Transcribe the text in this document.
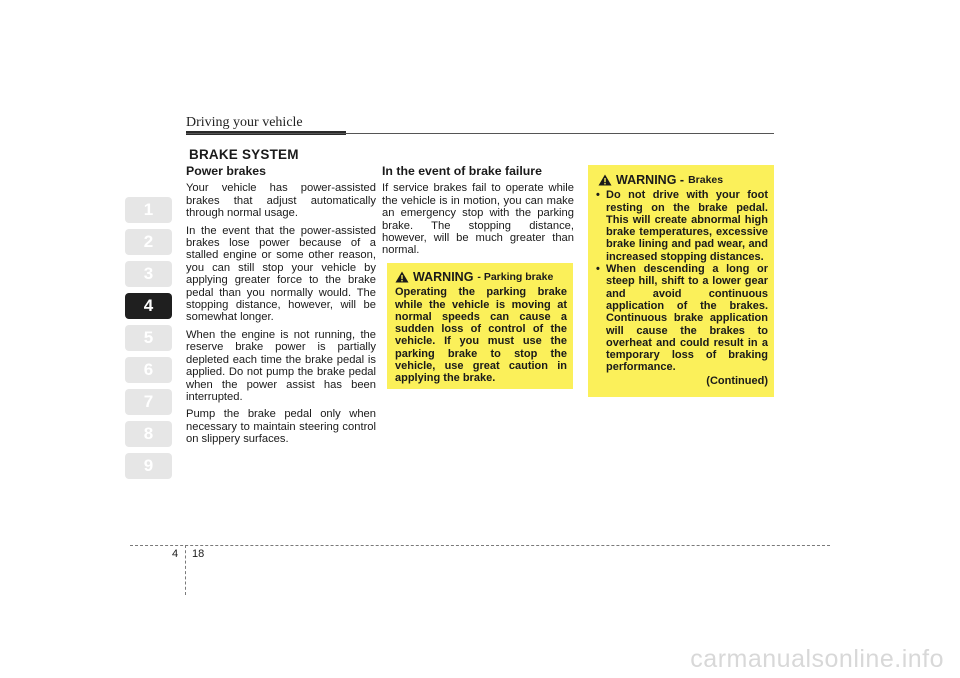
Driving your vehicle
BRAKE SYSTEM
1
2
3
4
5
6
7
8
9
Power brakes

Your vehicle has power-assisted brakes that adjust automatically through normal usage.

In the event that the power-assisted brakes lose power because of a stalled engine or some other reason, you can still stop your vehicle by applying greater force to the brake pedal than you normally would. The stopping distance, however, will be somewhat longer.

When the engine is not running, the reserve brake power is partially depleted each time the brake pedal is applied. Do not pump the brake pedal when the power assist has been interrupted.

Pump the brake pedal only when necessary to maintain steering control on slippery surfaces.

In the event of brake failure

If service brakes fail to operate while the vehicle is in motion, you can make an emergency stop with the parking brake. The stopping distance, however, will be much greater than normal.

WARNING - Parking brake
Operating the parking brake while the vehicle is moving at normal speeds can cause a sudden loss of control of the vehicle. If you must use the parking brake to stop the vehicle, use great caution in applying the brake.
WARNING - Brakes
• Do not drive with your foot resting on the brake pedal. This will create abnormal high brake temperatures, excessive brake lining and pad wear, and increased stopping distances.
• When descending a long or steep hill, shift to a lower gear and avoid continuous application of the brakes. Continuous brake application will cause the brakes to overheat and could result in a temporary loss of braking performance.
(Continued)
4 18
carmanualsonline.info
